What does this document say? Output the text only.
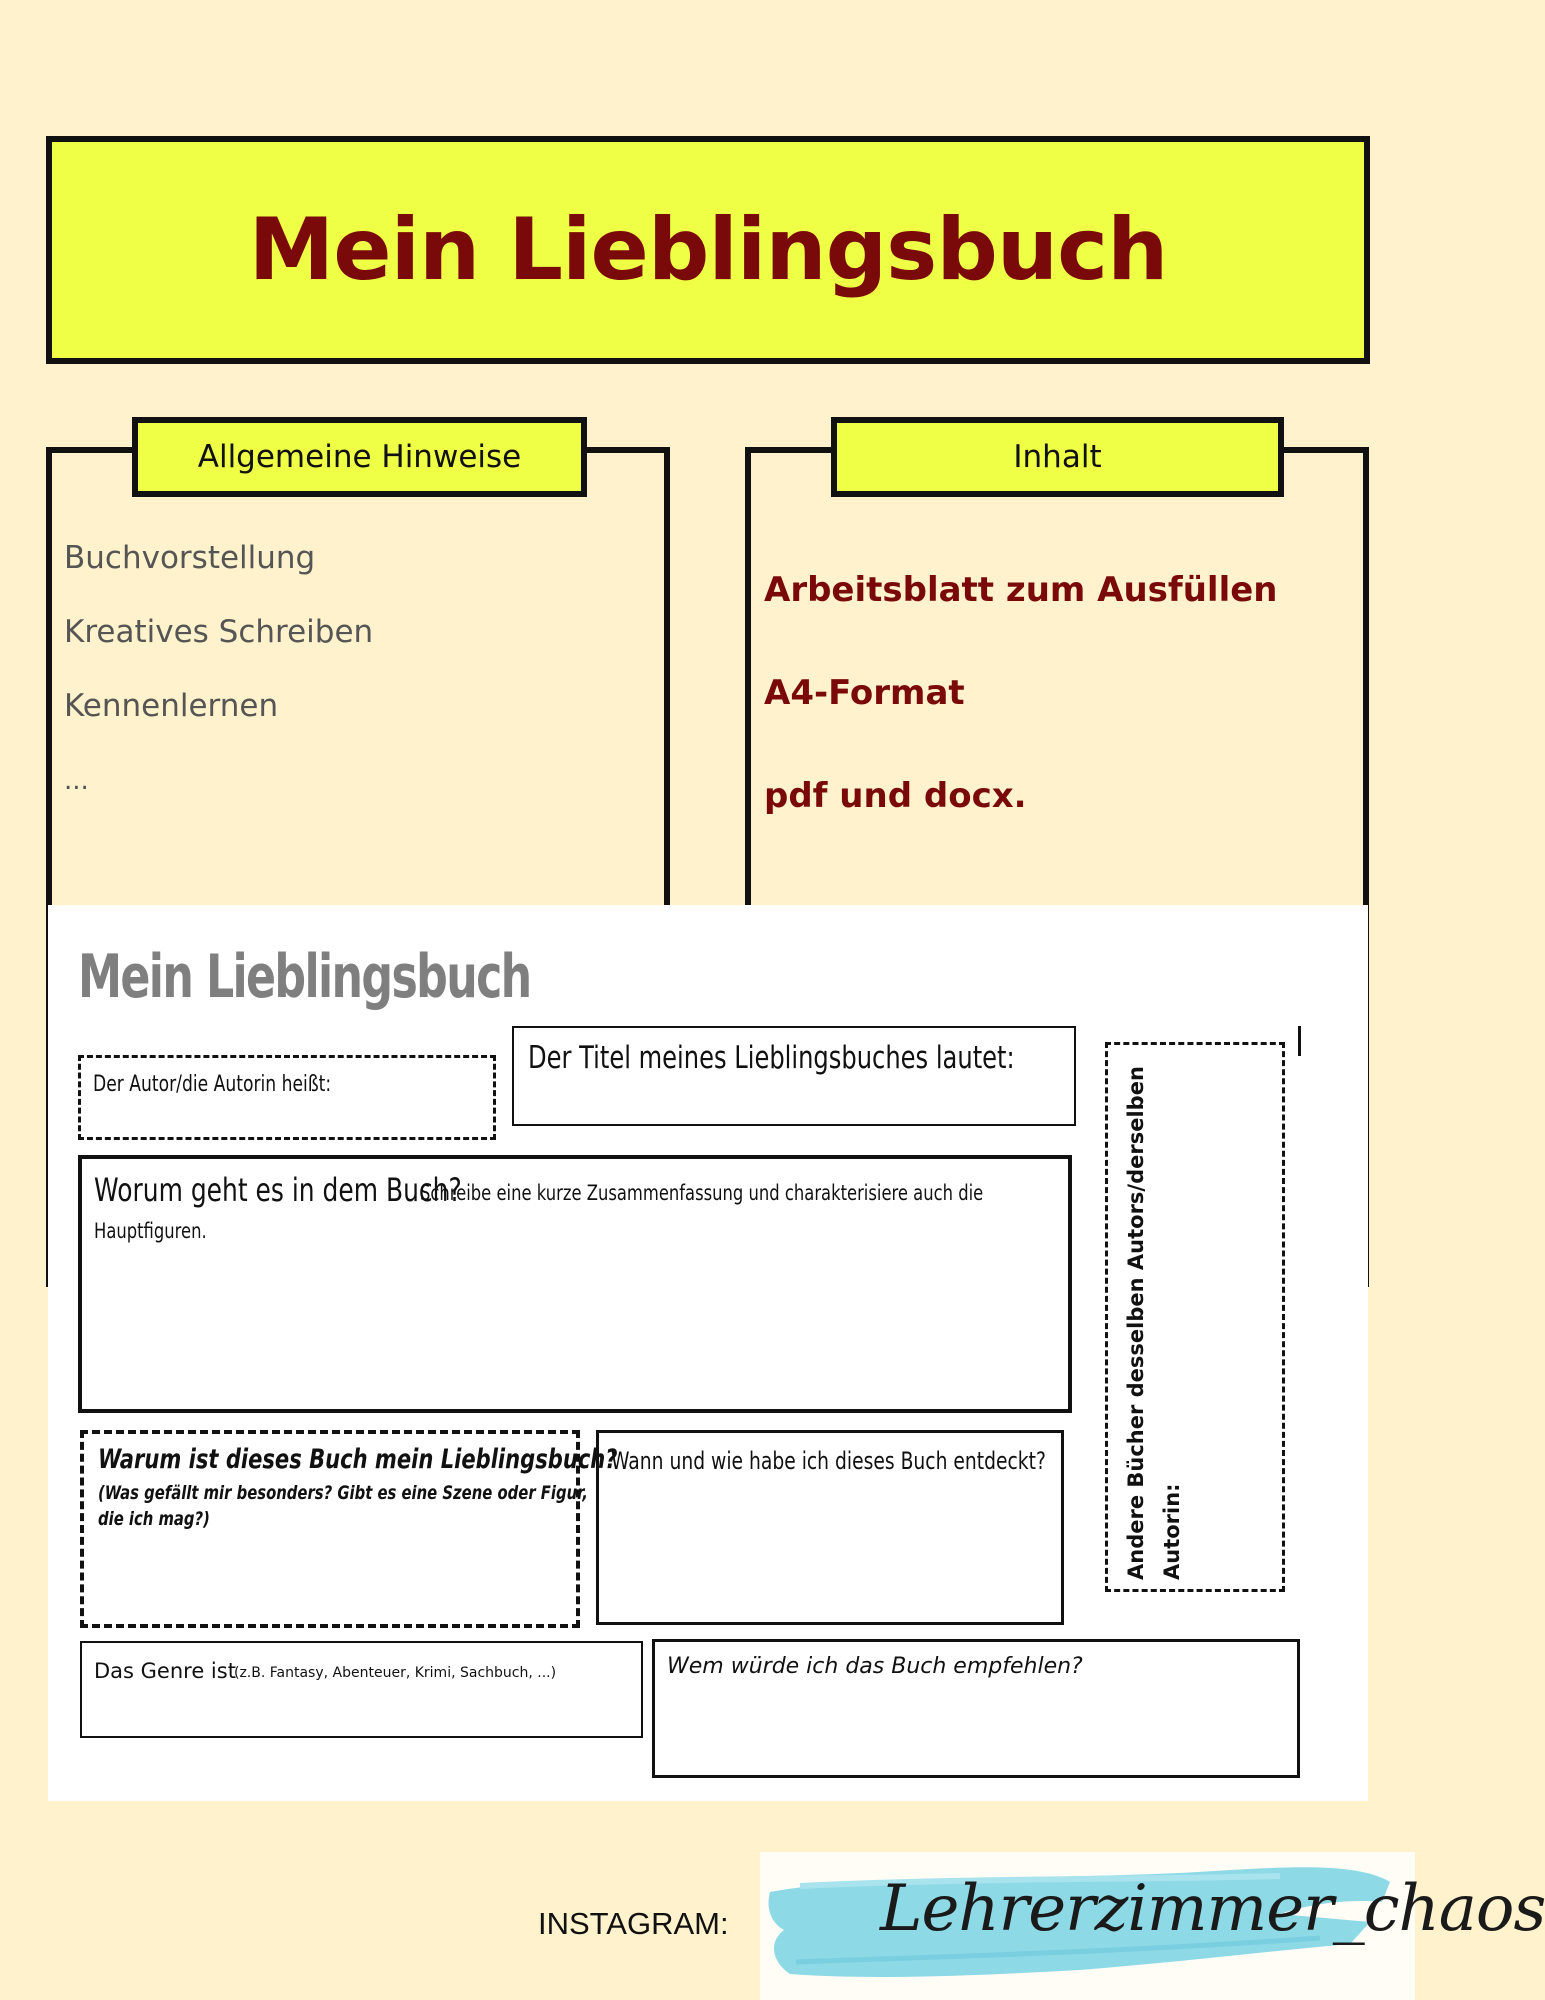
Mein Lieblingsbuch
Allgemeine Hinweise
Buchvorstellung
Kreatives Schreiben
Kennenlernen
...
Inhalt
Arbeitsblatt zum Ausfüllen
A4-Format
pdf und docx.
Mein Lieblingsbuch
Der Autor/die Autorin heißt:
Der Titel meines Lieblingsbuches lautet:
Worum geht es in dem Buch?
Schreibe eine kurze Zusammenfassung und charakterisiere auch die
Hauptfiguren.	Andere Bücher desselben Autors/derselben Autorin:
Warum ist dieses Buch mein Lieblingsbuch?
(Was gefällt mir besonders? Gibt es eine Szene oder Figur,
die ich mag?)
Wann und wie habe ich dieses Buch entdeckt?
Das Genre ist
(z.B. Fantasy, Abenteuer, Krimi, Sachbuch, ...)	Wem würde ich das Buch empfehlen?
INSTAGRAM: Lehrerzimmer_chaos
